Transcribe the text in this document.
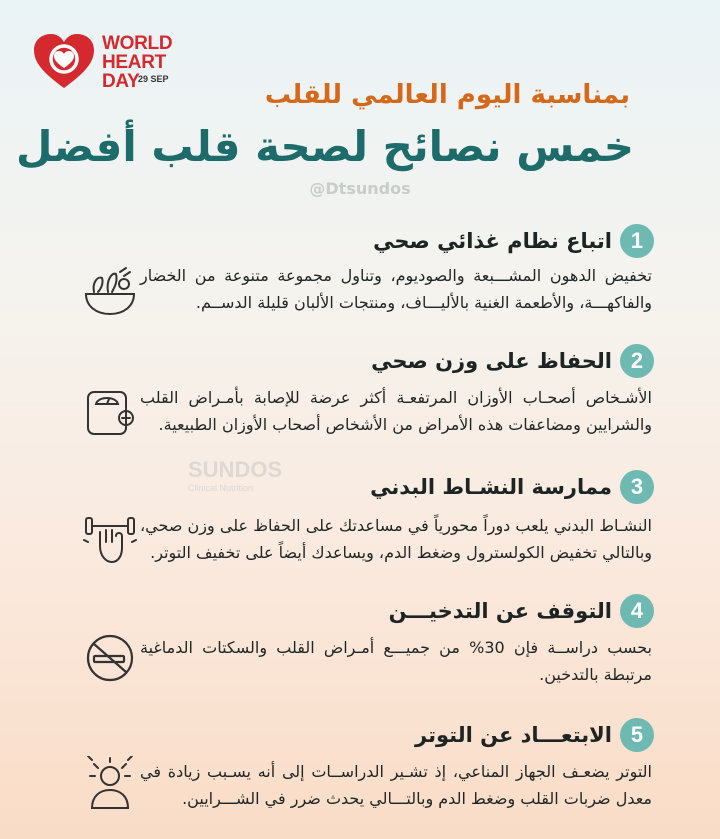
WORLD
HEART
DAY
29 SEP
بمناسبة اليوم العالمي للقلب
خمس نصائح لصحة قلب أفضل
@Dtsundos
SUNDOS
Clinical Nutrition
1
اتباع نظام غذائي صحي
تخفيض الدهون المشـــبعة والصوديوم، وتناول مجموعة متنوعة من الخضار والفاكهـــة، والأطعمة الغنية بالأليـــاف، ومنتجات الألبان قليلة الدســم.
2
الحفاظ على وزن صحي
الأشـخاص أصحـاب الأوزان المرتفعـة أكثر عرضة للإصابة بأمـراض القلب والشرايين ومضاعفات هذه الأمراض من الأشخاص أصحاب الأوزان الطبيعية.
3
ممارسة النشـاط البدني
النشـاط البدني يلعب دوراً محورياً في مساعدتك على الحفاظ على وزن صحي، وبالتالي تخفيض الكولسترول وضغط الدم، ويساعدك أيضاً على تخفيف التوتر.
4
التوقف عن التدخيـــن
بحسب دراســة فإن 30% من جميـــع أمـراض القلب والسكتات الدماغية مرتبطة بالتدخين.
5
الابتعـــاد عن التوتر
التوتر يضعـف الجهاز المناعي، إذ تشـير الدراســات إلى أنه يسـبب زيادة في معدل ضربات القلب وضغط الدم وبالتـــالي يحدث ضرر في الشـــرايين.
